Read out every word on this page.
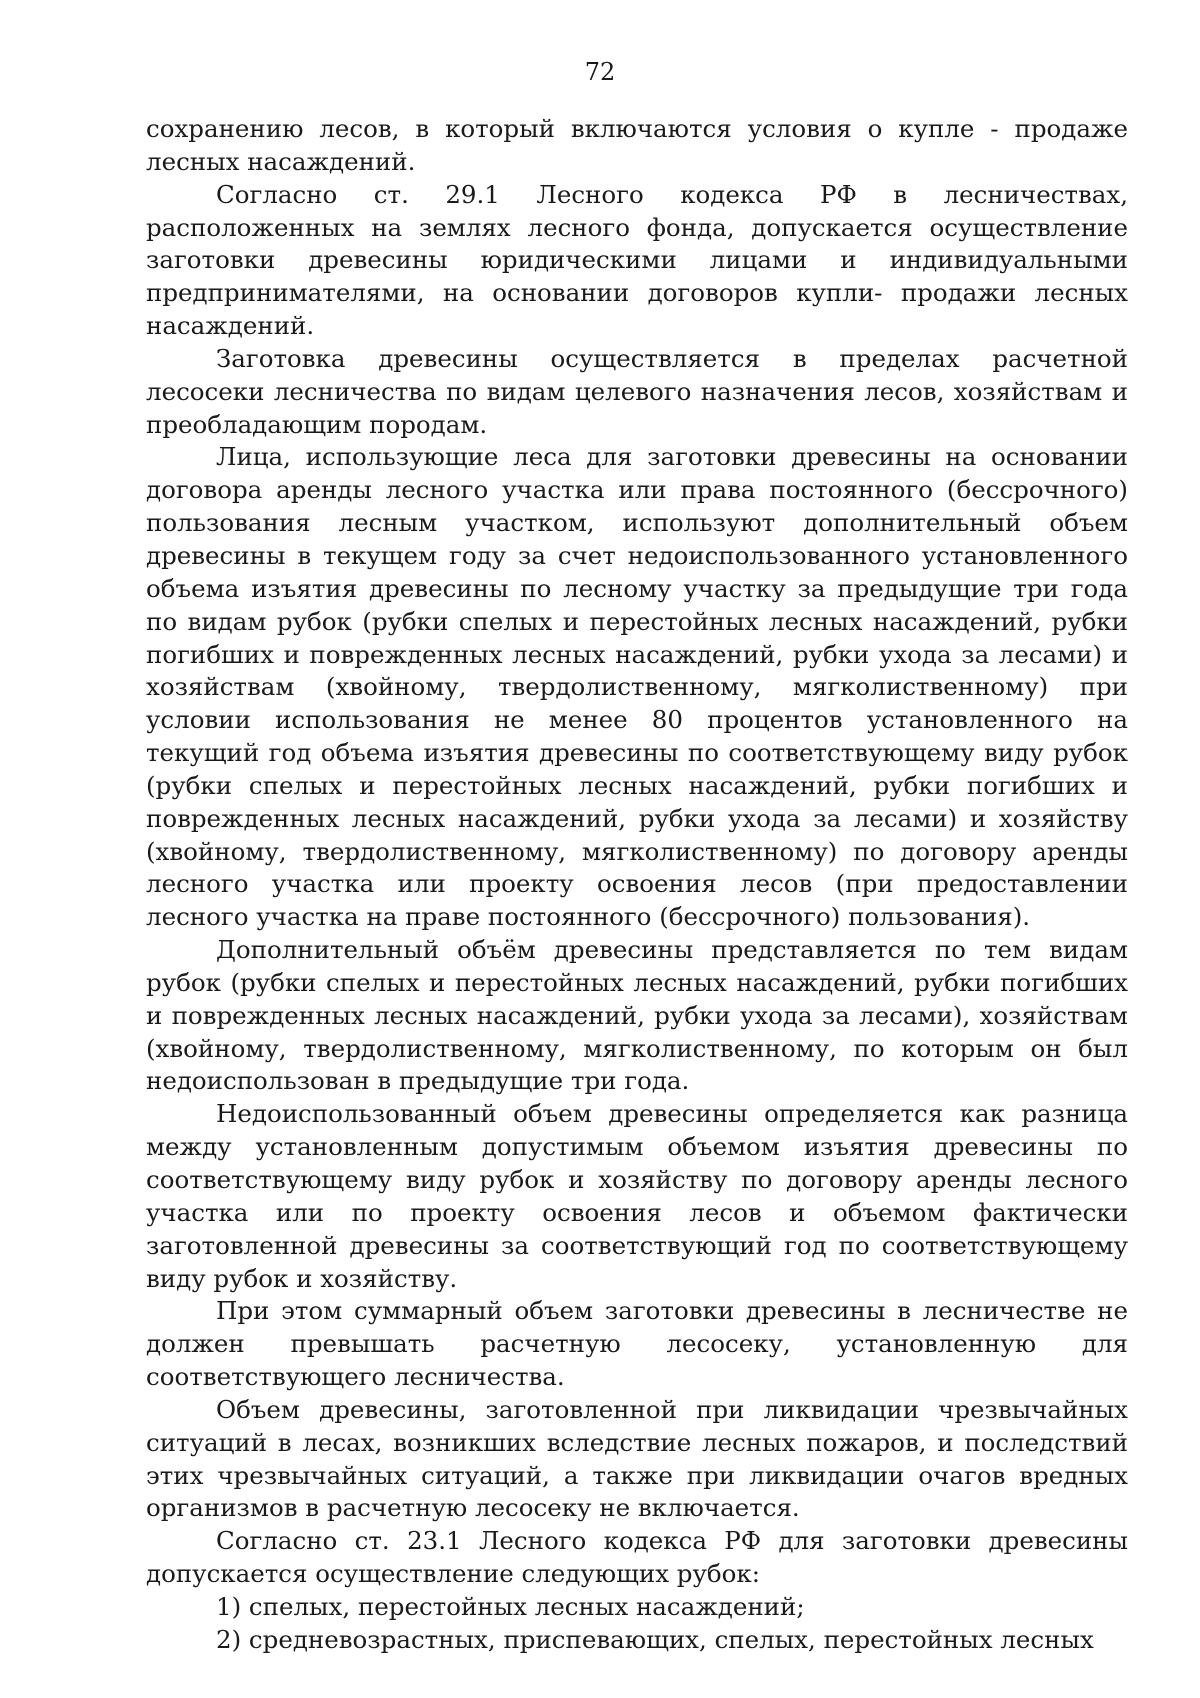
72

сохранению лесов, в который включаются условия о купле - продаже лесных насаждений.

Согласно ст. 29.1 Лесного кодекса РФ в лесничествах, расположенных на землях лесного фонда, допускается осуществление заготовки древесины юридическими лицами и индивидуальными предпринимателями, на основании договоров купли- продажи лесных насаждений.

Заготовка древесины осуществляется в пределах расчетной лесосеки лесничества по видам целевого назначения лесов, хозяйствам и преобладающим породам.

Лица, использующие леса для заготовки древесины на основании договора аренды лесного участка или права постоянного (бессрочного) пользования лесным участком, используют дополнительный объем древесины в текущем году за счет недоиспользованного установленного объема изъятия древесины по лесному участку за предыдущие три года по видам рубок (рубки спелых и перестойных лесных насаждений, рубки погибших и поврежденных лесных насаждений, рубки ухода за лесами) и хозяйствам (хвойному, твердолиственному, мягколиственному) при условии использования не менее 80 процентов установленного на текущий год объема изъятия древесины по соответствующему виду рубок (рубки спелых и перестойных лесных насаждений, рубки погибших и поврежденных лесных насаждений, рубки ухода за лесами) и хозяйству (хвойному, твердолиственному, мягколиственному) по договору аренды лесного участка или проекту освоения лесов (при предоставлении лесного участка на праве постоянного (бессрочного) пользования).

Дополнительный объём древесины представляется по тем видам рубок (рубки спелых и перестойных лесных насаждений, рубки погибших и поврежденных лесных насаждений, рубки ухода за лесами), хозяйствам (хвойному, твердолиственному, мягколиственному, по которым он был недоиспользован в предыдущие три года.

Недоиспользованный объем древесины определяется как разница между установленным допустимым объемом изъятия древесины по соответствующему виду рубок и хозяйству по договору аренды лесного участка или по проекту освоения лесов и объемом фактически заготовленной древесины за соответствующий год по соответствующему виду рубок и хозяйству.

При этом суммарный объем заготовки древесины в лесничестве не должен превышать расчетную лесосеку, установленную для соответствующего лесничества.

Объем древесины, заготовленной при ликвидации чрезвычайных ситуаций в лесах, возникших вследствие лесных пожаров, и последствий этих чрезвычайных ситуаций, а также при ликвидации очагов вредных организмов в расчетную лесосеку не включается.

Согласно ст. 23.1 Лесного кодекса РФ для заготовки древесины допускается осуществление следующих рубок:

1) спелых, перестойных лесных насаждений;

2) средневозрастных, приспевающих, спелых, перестойных лесных
